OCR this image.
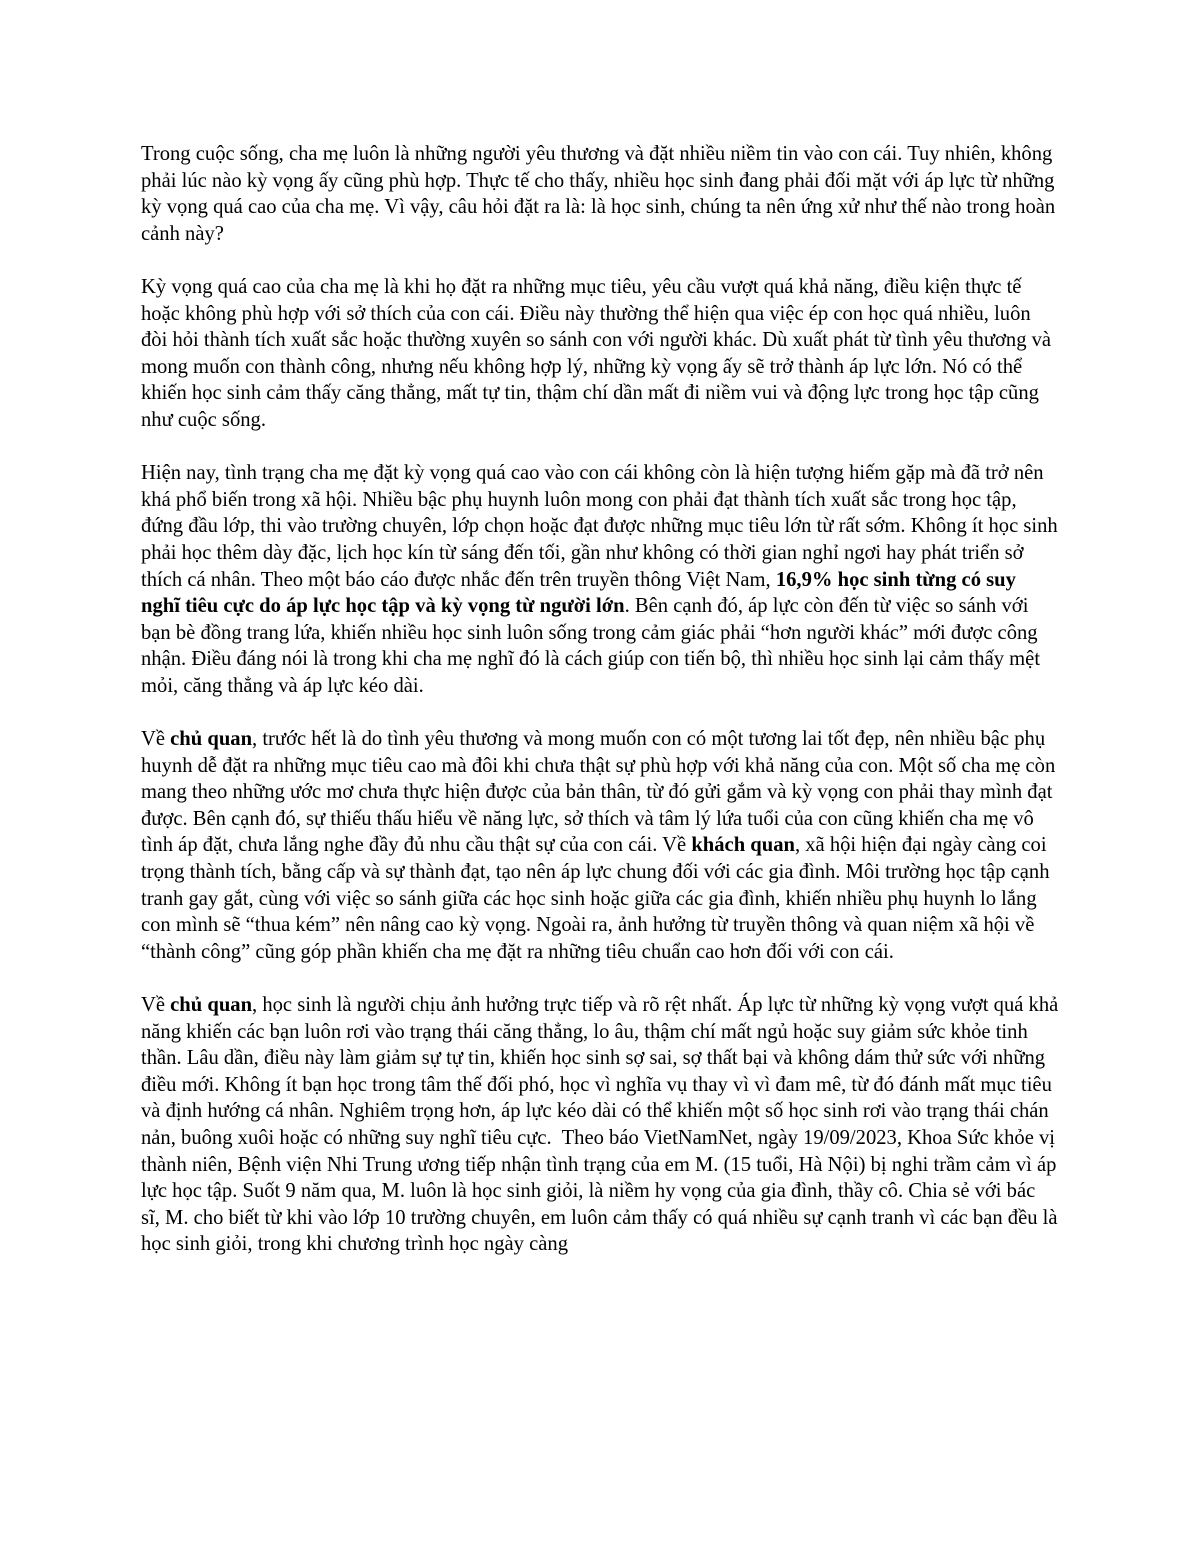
Trong cuộc sống, cha mẹ luôn là những người yêu thương và đặt nhiều niềm tin vào con cái. Tuy nhiên, không phải lúc nào kỳ vọng ấy cũng phù hợp. Thực tế cho thấy, nhiều học sinh đang phải đối mặt với áp lực từ những kỳ vọng quá cao của cha mẹ. Vì vậy, câu hỏi đặt ra là: là học sinh, chúng ta nên ứng xử như thế nào trong hoàn cảnh này?

Kỳ vọng quá cao của cha mẹ là khi họ đặt ra những mục tiêu, yêu cầu vượt quá khả năng, điều kiện thực tế hoặc không phù hợp với sở thích của con cái. Điều này thường thể hiện qua việc ép con học quá nhiều, luôn đòi hỏi thành tích xuất sắc hoặc thường xuyên so sánh con với người khác. Dù xuất phát từ tình yêu thương và mong muốn con thành công, nhưng nếu không hợp lý, những kỳ vọng ấy sẽ trở thành áp lực lớn. Nó có thể khiến học sinh cảm thấy căng thẳng, mất tự tin, thậm chí dần mất đi niềm vui và động lực trong học tập cũng như cuộc sống.

Hiện nay, tình trạng cha mẹ đặt kỳ vọng quá cao vào con cái không còn là hiện tượng hiếm gặp mà đã trở nên khá phổ biến trong xã hội. Nhiều bậc phụ huynh luôn mong con phải đạt thành tích xuất sắc trong học tập, đứng đầu lớp, thi vào trường chuyên, lớp chọn hoặc đạt được những mục tiêu lớn từ rất sớm. Không ít học sinh phải học thêm dày đặc, lịch học kín từ sáng đến tối, gần như không có thời gian nghỉ ngơi hay phát triển sở thích cá nhân. Theo một báo cáo được nhắc đến trên truyền thông Việt Nam, 16,9% học sinh từng có suy nghĩ tiêu cực do áp lực học tập và kỳ vọng từ người lớn. Bên cạnh đó, áp lực còn đến từ việc so sánh với bạn bè đồng trang lứa, khiến nhiều học sinh luôn sống trong cảm giác phải “hơn người khác” mới được công nhận. Điều đáng nói là trong khi cha mẹ nghĩ đó là cách giúp con tiến bộ, thì nhiều học sinh lại cảm thấy mệt mỏi, căng thẳng và áp lực kéo dài.

Về chủ quan, trước hết là do tình yêu thương và mong muốn con có một tương lai tốt đẹp, nên nhiều bậc phụ huynh dễ đặt ra những mục tiêu cao mà đôi khi chưa thật sự phù hợp với khả năng của con. Một số cha mẹ còn mang theo những ước mơ chưa thực hiện được của bản thân, từ đó gửi gắm và kỳ vọng con phải thay mình đạt được. Bên cạnh đó, sự thiếu thấu hiểu về năng lực, sở thích và tâm lý lứa tuổi của con cũng khiến cha mẹ vô tình áp đặt, chưa lắng nghe đầy đủ nhu cầu thật sự của con cái. Về khách quan, xã hội hiện đại ngày càng coi trọng thành tích, bằng cấp và sự thành đạt, tạo nên áp lực chung đối với các gia đình. Môi trường học tập cạnh tranh gay gắt, cùng với việc so sánh giữa các học sinh hoặc giữa các gia đình, khiến nhiều phụ huynh lo lắng con mình sẽ “thua kém” nên nâng cao kỳ vọng. Ngoài ra, ảnh hưởng từ truyền thông và quan niệm xã hội về “thành công” cũng góp phần khiến cha mẹ đặt ra những tiêu chuẩn cao hơn đối với con cái.

Về chủ quan, học sinh là người chịu ảnh hưởng trực tiếp và rõ rệt nhất. Áp lực từ những kỳ vọng vượt quá khả năng khiến các bạn luôn rơi vào trạng thái căng thẳng, lo âu, thậm chí mất ngủ hoặc suy giảm sức khỏe tinh thần. Lâu dần, điều này làm giảm sự tự tin, khiến học sinh sợ sai, sợ thất bại và không dám thử sức với những điều mới. Không ít bạn học trong tâm thế đối phó, học vì nghĩa vụ thay vì vì đam mê, từ đó đánh mất mục tiêu và định hướng cá nhân. Nghiêm trọng hơn, áp lực kéo dài có thể khiến một số học sinh rơi vào trạng thái chán nản, buông xuôi hoặc có những suy nghĩ tiêu cực.  Theo báo VietNamNet, ngày 19/09/2023, Khoa Sức khỏe vị thành niên, Bệnh viện Nhi Trung ương tiếp nhận tình trạng của em M. (15 tuổi, Hà Nội) bị nghi trầm cảm vì áp lực học tập. Suốt 9 năm qua, M. luôn là học sinh giỏi, là niềm hy vọng của gia đình, thầy cô. Chia sẻ với bác sĩ, M. cho biết từ khi vào lớp 10 trường chuyên, em luôn cảm thấy có quá nhiều sự cạnh tranh vì các bạn đều là học sinh giỏi, trong khi chương trình học ngày càng
